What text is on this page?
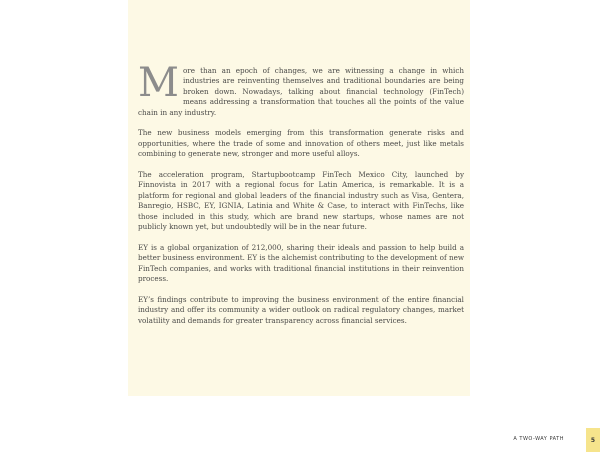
More than an epoch of changes, we are witnessing a change in which industries are reinventing themselves and traditional boundaries are being broken down. Nowadays, talking about financial technology (FinTech) means addressing a transformation that touches all the points of the value chain in any industry.

The new business models emerging from this transformation generate risks and opportunities, where the trade of some and innovation of others meet, just like metals combining to generate new, stronger and more useful alloys.

The acceleration program, Startupbootcamp FinTech Mexico City, launched by Finnovista in 2017 with a regional focus for Latin America, is remarkable. It is a platform for regional and global leaders of the financial industry such as Visa, Gentera, Banregio, HSBC, EY, IGNIA, Latinia and White & Case, to interact with FinTechs, like those included in this study, which are brand new startups, whose names are not publicly known yet, but undoubtedly will be in the near future.

EY is a global organization of 212,000, sharing their ideals and passion to help build a better business environment. EY is the alchemist contributing to the development of new FinTech companies, and works with traditional financial institutions in their reinvention process.

EY’s findings contribute to improving the business environment of the entire financial industry and offer its community a wider outlook on radical regulatory changes, market volatility and demands for greater transparency across financial services.

A TWO-WAY PATH	5
